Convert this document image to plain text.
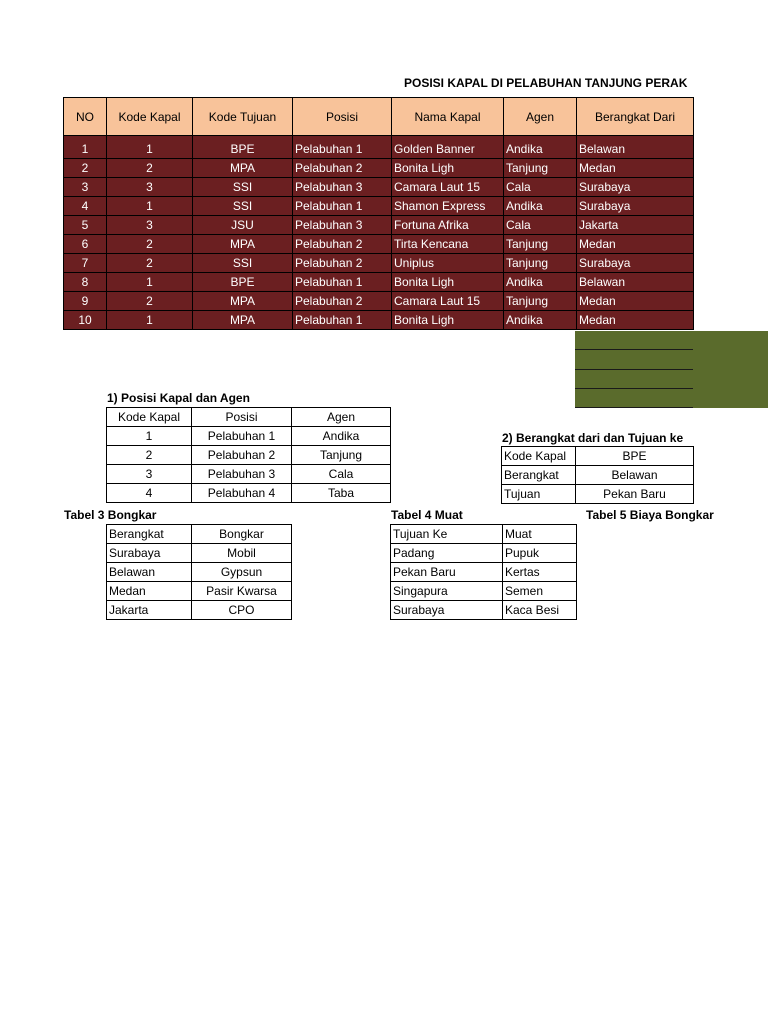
POSISI KAPAL DI PELABUHAN TANJUNG PERAK
NO	Kode Kapal	Kode Tujuan	Posisi	Nama Kapal	Agen	Berangkat Dari

1	1	BPE	Pelabuhan 1	Golden Banner	Andika	Belawan
2	2	MPA	Pelabuhan 2	Bonita Ligh	Tanjung	Medan
3	3	SSI	Pelabuhan 3	Camara Laut 15	Cala	Surabaya
4	1	SSI	Pelabuhan 1	Shamon Express	Andika	Surabaya
5	3	JSU	Pelabuhan 3	Fortuna Afrika	Cala	Jakarta
6	2	MPA	Pelabuhan 2	Tirta Kencana	Tanjung	Medan
7	2	SSI	Pelabuhan 2	Uniplus	Tanjung	Surabaya
8	1	BPE	Pelabuhan 1	Bonita Ligh	Andika	Belawan
9	2	MPA	Pelabuhan 2	Camara Laut 15	Tanjung	Medan
10	1	MPA	Pelabuhan 1	Bonita Ligh	Andika	Medan
1) Posisi Kapal dan Agen
Kode Kapal	Posisi	Agen
1	Pelabuhan 1	Andika
2	Pelabuhan 2	Tanjung
3	Pelabuhan 3	Cala
4	Pelabuhan 4	Taba
2) Berangkat dari dan Tujuan ke
Kode Kapal	BPE
Berangkat	Belawan
Tujuan	Pekan Baru
Tabel 3 Bongkar
Berangkat	Bongkar
Surabaya	Mobil
Belawan	Gypsun
Medan	Pasir Kwarsa
Jakarta	CPO
Tabel 4 Muat
Tujuan Ke	Muat
Padang	Pupuk
Pekan Baru	Kertas
Singapura	Semen
Surabaya	Kaca Besi
Tabel 5 Biaya Bongkar
